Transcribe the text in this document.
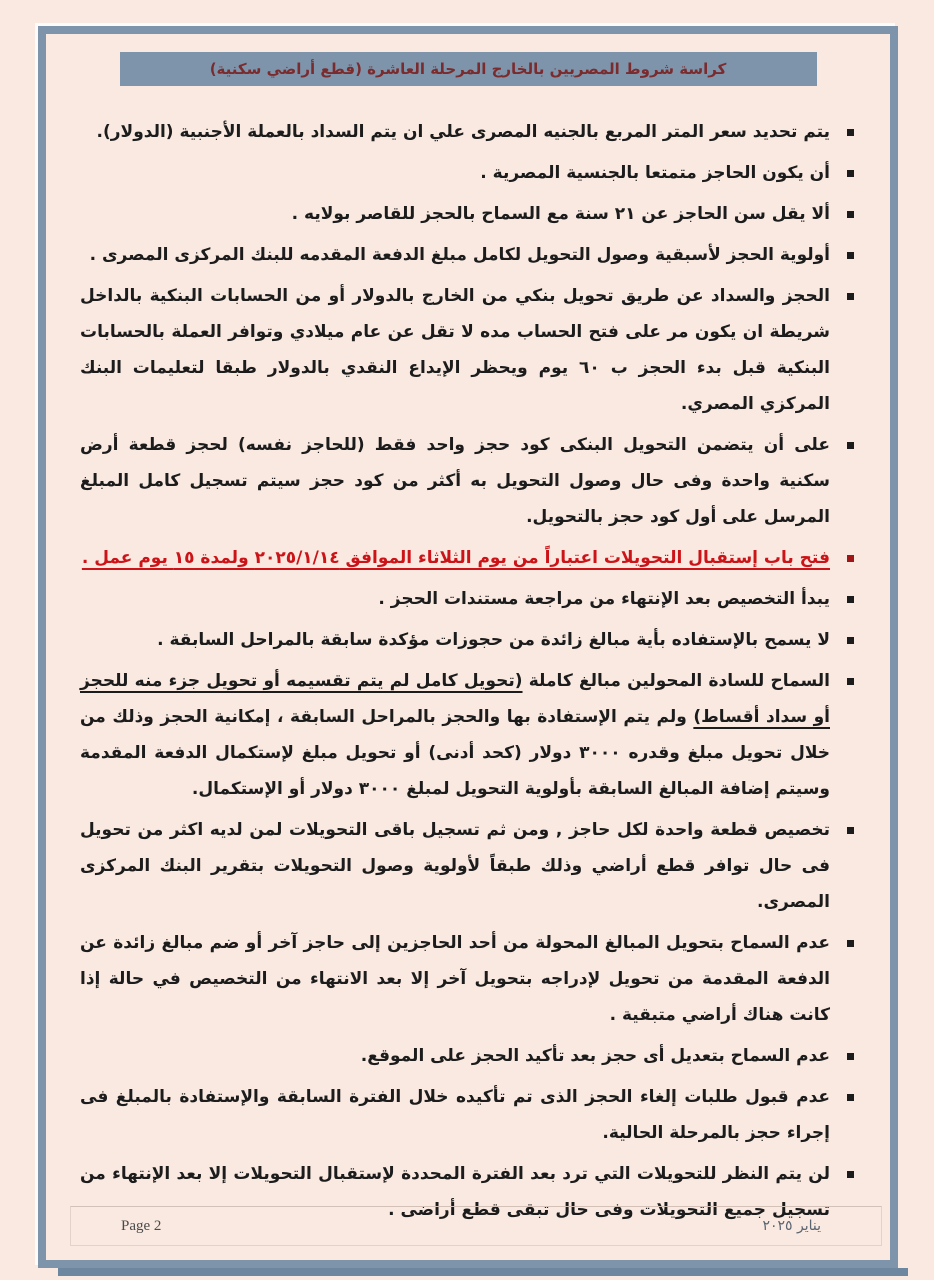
كراسة شروط المصريين بالخارج المرحلة العاشرة (قطع أراضي سكنية)
يتم تحديد سعر المتر المربع بالجنيه المصرى علي ان يتم السداد بالعملة الأجنبية (الدولار).
أن يكون الحاجز متمتعا بالجنسية المصرية .
ألا يقل سن الحاجز عن ٢١ سنة مع السماح بالحجز للقاصر بولايه .
أولوية الحجز لأسبقية وصول التحويل لكامل مبلغ الدفعة المقدمه للبنك المركزى المصرى .
الحجز والسداد عن طريق تحويل بنكي من الخارج بالدولار أو من الحسابات البنكية بالداخل شريطة ان يكون مر على فتح الحساب مده لا تقل عن عام ميلادي وتوافر العملة بالحسابات البنكية قبل بدء الحجز ب ٦٠ يوم ويحظر الإيداع النقدي بالدولار طبقا لتعليمات البنك المركزي المصري.
على أن يتضمن التحويل البنكى كود حجز واحد فقط (للحاجز نفسه) لحجز قطعة أرض سكنية واحدة وفى حال وصول التحويل به أكثر من كود حجز سيتم تسجيل كامل المبلغ المرسل على أول كود حجز بالتحويل.
فتح باب إستقبال التحويلات اعتباراً من يوم الثلاثاء الموافق ٢٠٢٥/١/١٤ ولمدة ١٥ يوم عمل .
يبدأ التخصيص بعد الإنتهاء من مراجعة مستندات الحجز .
لا يسمح بالإستفاده بأية مبالغ زائدة من حجوزات مؤكدة سابقة بالمراحل السابقة .
السماح للسادة المحولين مبالغ كاملة (تحويل كامل لم يتم تقسيمه أو تحويل جزء منه للحجز أو سداد أقساط) ولم يتم الإستفادة بها والحجز بالمراحل السابقة ، إمكانية الحجز وذلك من خلال تحويل مبلغ وقدره ٣٠٠٠ دولار (كحد أدنى) أو تحويل مبلغ لإستكمال الدفعة المقدمة وسيتم إضافة المبالغ السابقة بأولوية التحويل لمبلغ ٣٠٠٠ دولار أو الإستكمال.
تخصيص قطعة واحدة لكل حاجز , ومن ثم تسجيل باقى التحويلات لمن لديه اكثر من تحويل فى حال توافر قطع أراضي وذلك طبقاً لأولوية وصول التحويلات بتقرير البنك المركزى المصرى.
عدم السماح بتحويل المبالغ المحولة من أحد الحاجزين إلى حاجز آخر أو ضم مبالغ زائدة عن الدفعة المقدمة من تحويل لإدراجه بتحويل آخر إلا بعد الانتهاء من التخصيص في حالة إذا كانت هناك أراضي متبقية .
عدم السماح بتعديل أى حجز بعد تأكيد الحجز على الموقع.
عدم قبول طلبات إلغاء الحجز الذى تم تأكيده خلال الفترة السابقة والإستفادة بالمبلغ فى إجراء حجز بالمرحلة الحالية.
لن يتم النظر للتحويلات التي ترد بعد الفترة المحددة لإستقبال التحويلات إلا بعد الإنتهاء من تسجيل جميع التحويلات وفى حال تبقى قطع أراضى .
Page 2	يناير ٢٠٢٥
